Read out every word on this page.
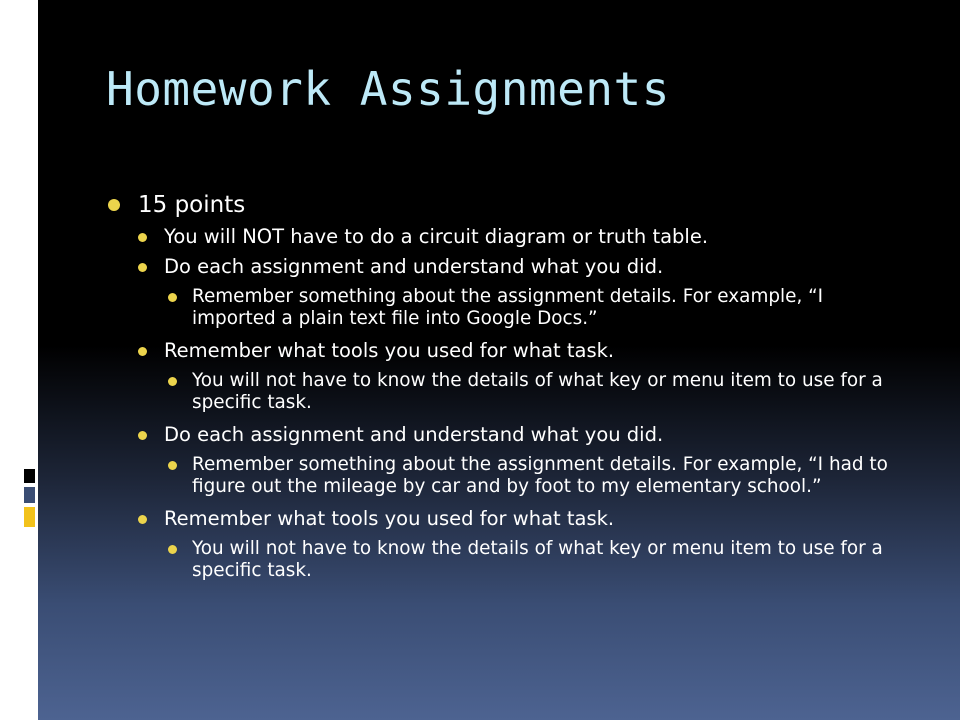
Homework Assignments
15 points
You will NOT have to do a circuit diagram or truth table.
Do each assignment and understand what you did.
Remember something about the assignment details. For example, “I imported a plain text file into Google Docs.”
Remember what tools you used for what task.
You will not have to know the details of what key or menu item to use for a specific task.
Do each assignment and understand what you did.
Remember something about the assignment details. For example, “I had to figure out the mileage by car and by foot to my elementary school.”
Remember what tools you used for what task.
You will not have to know the details of what key or menu item to use for a specific task.
